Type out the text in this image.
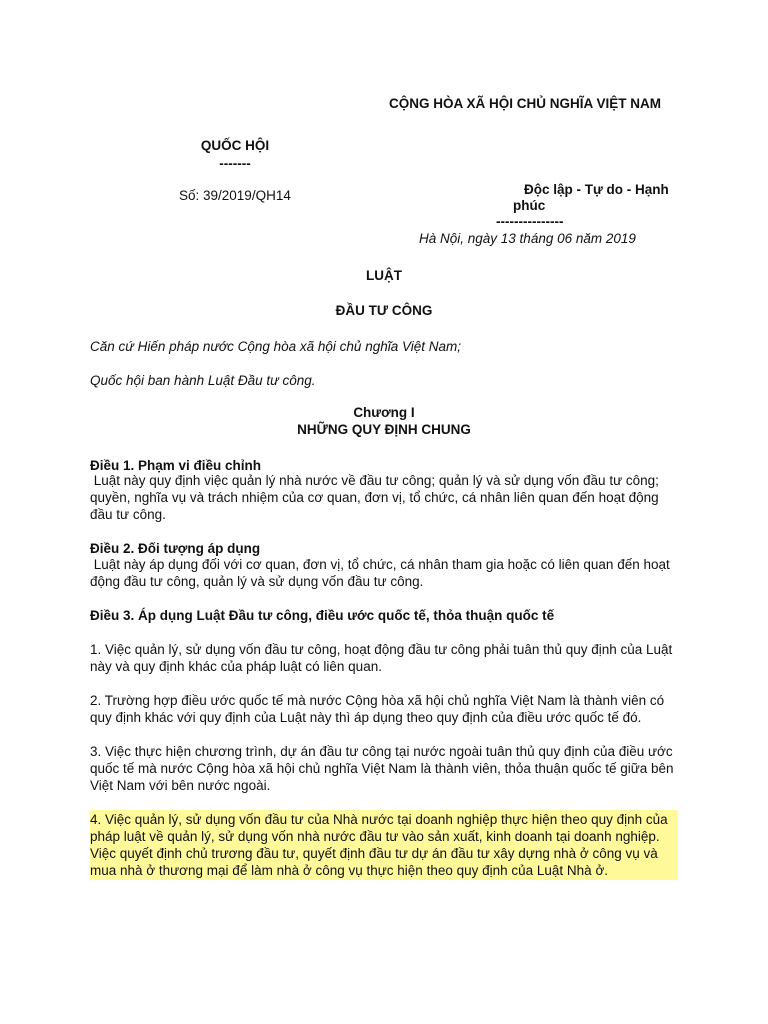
CỘNG HÒA XÃ HỘI CHỦ NGHĨA VIỆT NAM
QUỐC HỘI
-------
Số: 39/2019/QH14	Độc lập - Tự do - Hạnh
phúc
---------------
Hà Nội, ngày 13 tháng 06 năm 2019
LUẬT
ĐẦU TƯ CÔNG
Căn cứ Hiến pháp nước Cộng hòa xã hội chủ nghĩa Việt Nam;
Quốc hội ban hành Luật Đầu tư công.
Chương I
NHỮNG QUY ĐỊNH CHUNG
Điều 1. Phạm vi điều chỉnh
Luật này quy định việc quản lý nhà nước về đầu tư công; quản lý và sử dụng vốn đầu tư công; quyền, nghĩa vụ và trách nhiệm của cơ quan, đơn vị, tổ chức, cá nhân liên quan đến hoạt động đầu tư công.
Điều 2. Đối tượng áp dụng
Luật này áp dụng đối với cơ quan, đơn vị, tổ chức, cá nhân tham gia hoặc có liên quan đến hoạt động đầu tư công, quản lý và sử dụng vốn đầu tư công.
Điều 3. Áp dụng Luật Đầu tư công, điều ước quốc tế, thỏa thuận quốc tế
1. Việc quản lý, sử dụng vốn đầu tư công, hoạt động đầu tư công phải tuân thủ quy định của Luật này và quy định khác của pháp luật có liên quan.
2. Trường hợp điều ước quốc tế mà nước Cộng hòa xã hội chủ nghĩa Việt Nam là thành viên có quy định khác với quy định của Luật này thì áp dụng theo quy định của điều ước quốc tế đó.
3. Việc thực hiện chương trình, dự án đầu tư công tại nước ngoài tuân thủ quy định của điều ước quốc tế mà nước Cộng hòa xã hội chủ nghĩa Việt Nam là thành viên, thỏa thuận quốc tế giữa bên Việt Nam với bên nước ngoài.
4. Việc quản lý, sử dụng vốn đầu tư của Nhà nước tại doanh nghiệp thực hiện theo quy định của pháp luật về quản lý, sử dụng vốn nhà nước đầu tư vào sản xuất, kinh doanh tại doanh nghiệp. Việc quyết định chủ trương đầu tư, quyết định đầu tư dự án đầu tư xây dựng nhà ở công vụ và mua nhà ở thương mại để làm nhà ở công vụ thực hiện theo quy định của Luật Nhà ở.
